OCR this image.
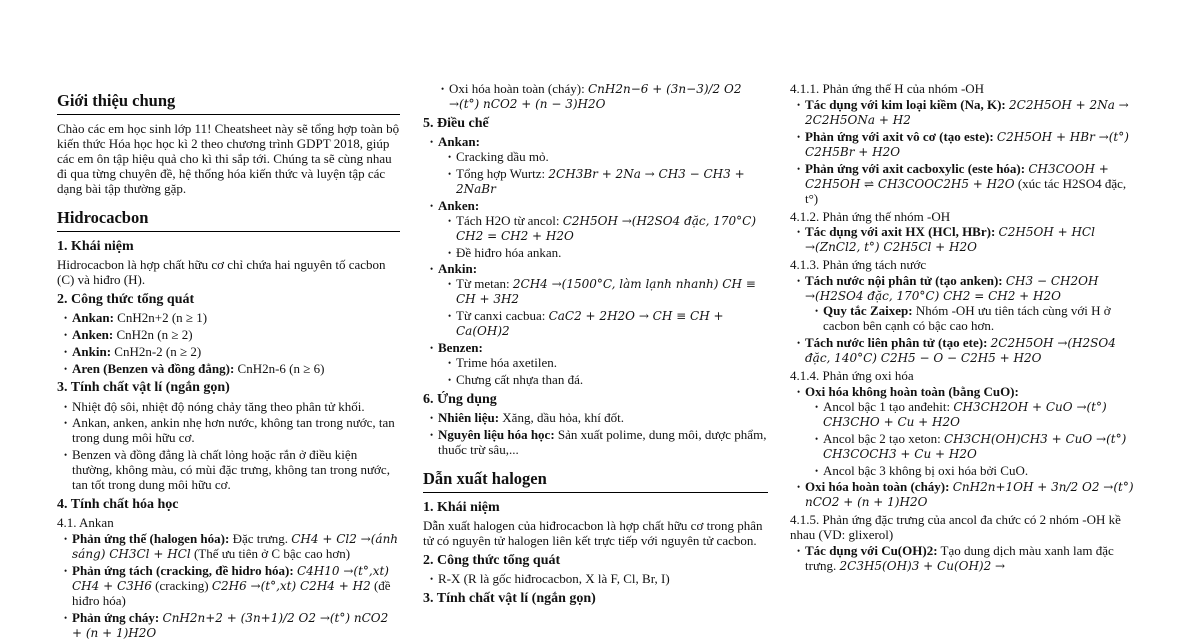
Giới thiệu chung

Chào các em học sinh lớp 11! Cheatsheet này sẽ tổng hợp toàn bộ kiến thức Hóa học học kì 2 theo chương trình GDPT 2018, giúp các em ôn tập hiệu quả cho kì thi sắp tới. Chúng ta sẽ cùng nhau đi qua từng chuyên đề, hệ thống hóa kiến thức và luyện tập các dạng bài tập thường gặp.

Hidrocacbon
1. Khái niệm

Hidrocacbon là hợp chất hữu cơ chỉ chứa hai nguyên tố cacbon (C) và hiđro (H).

2. Công thức tổng quát
• Ankan: CnH2n+2 (n ≥ 1)
• Anken: CnH2n (n ≥ 2)
• Ankin: CnH2n-2 (n ≥ 2)
• Aren (Benzen và đồng đẳng): CnH2n-6 (n ≥ 6)
3. Tính chất vật lí (ngắn gọn)
• Nhiệt độ sôi, nhiệt độ nóng chảy tăng theo phân tử khối.
• Ankan, anken, ankin nhẹ hơn nước, không tan trong nước, tan trong dung môi hữu cơ.
• Benzen và đồng đẳng là chất lỏng hoặc rắn ở điều kiện thường, không màu, có mùi đặc trưng, không tan trong nước, tan tốt trong dung môi hữu cơ.
4. Tính chất hóa học
4.1. Ankan
• Phản ứng thế (halogen hóa): Đặc trưng. CH4 + Cl2 →(ánh sáng) CH3Cl + HCl (Thế ưu tiên ở C bậc cao hơn)
• Phản ứng tách (cracking, đề hidro hóa): C4H10 →(t°,xt) CH4 + C3H6 (cracking) C2H6 →(t°,xt) C2H4 + H2 (đề hiđro hóa)
• Phản ứng cháy: CnH2n+2 + (3n+1)/2 O2 →(t°) nCO2 + (n + 1)H2O
• Oxi hóa hoàn toàn (cháy): CnH2n−6 + (3n−3)/2 O2 →(t°) nCO2 + (n − 3)H2O
5. Điều chế
• Ankan:
• Cracking dầu mỏ.
• Tổng hợp Wurtz: 2CH3Br + 2Na → CH3 − CH3 + 2NaBr
• Anken:
• Tách H2O từ ancol: C2H5OH →(H2SO4 đặc, 170°C) CH2 = CH2 + H2O
• Đề hiđro hóa ankan.
• Ankin:
• Từ metan: 2CH4 →(1500°C, làm lạnh nhanh) CH ≡ CH + 3H2
• Từ canxi cacbua: CaC2 + 2H2O → CH ≡ CH + Ca(OH)2
• Benzen:
• Trime hóa axetilen.
• Chưng cất nhựa than đá.
6. Ứng dụng
• Nhiên liệu: Xăng, dầu hỏa, khí đốt.
• Nguyên liệu hóa học: Sản xuất polime, dung môi, dược phẩm, thuốc trừ sâu,...
Dẫn xuất halogen
1. Khái niệm

Dẫn xuất halogen của hiđrocacbon là hợp chất hữu cơ trong phân tử có nguyên tử halogen liên kết trực tiếp với nguyên tử cacbon.

2. Công thức tổng quát
• R-X (R là gốc hiđrocacbon, X là F, Cl, Br, I)
3. Tính chất vật lí (ngắn gọn)
4.1.1. Phản ứng thế H của nhóm -OH
• Tác dụng với kim loại kiềm (Na, K): 2C2H5OH + 2Na → 2C2H5ONa + H2
• Phản ứng với axit vô cơ (tạo este): C2H5OH + HBr →(t°) C2H5Br + H2O
• Phản ứng với axit cacboxylic (este hóa): CH3COOH + C2H5OH ⇌ CH3COOC2H5 + H2O (xúc tác H2SO4 đặc, t°)
4.1.2. Phản ứng thế nhóm -OH
• Tác dụng với axit HX (HCl, HBr): C2H5OH + HCl →(ZnCl2, t°) C2H5Cl + H2O
4.1.3. Phản ứng tách nước
• Tách nước nội phân tử (tạo anken): CH3 − CH2OH →(H2SO4 đặc, 170°C) CH2 = CH2 + H2O
• Quy tắc Zaixep: Nhóm -OH ưu tiên tách cùng với H ở cacbon bên cạnh có bậc cao hơn.
• Tách nước liên phân tử (tạo ete): 2C2H5OH →(H2SO4 đặc, 140°C) C2H5 − O − C2H5 + H2O
4.1.4. Phản ứng oxi hóa
• Oxi hóa không hoàn toàn (bằng CuO):
• Ancol bậc 1 tạo anđehit: CH3CH2OH + CuO →(t°) CH3CHO + Cu + H2O
• Ancol bậc 2 tạo xeton: CH3CH(OH)CH3 + CuO →(t°) CH3COCH3 + Cu + H2O
• Ancol bậc 3 không bị oxi hóa bởi CuO.
• Oxi hóa hoàn toàn (cháy): CnH2n+1OH + 3n/2 O2 →(t°) nCO2 + (n + 1)H2O
4.1.5. Phản ứng đặc trưng của ancol đa chức có 2 nhóm -OH kề nhau (VD: glixerol)
• Tác dụng với Cu(OH)2: Tạo dung dịch màu xanh lam đặc trưng. 2C3H5(OH)3 + Cu(OH)2 →
